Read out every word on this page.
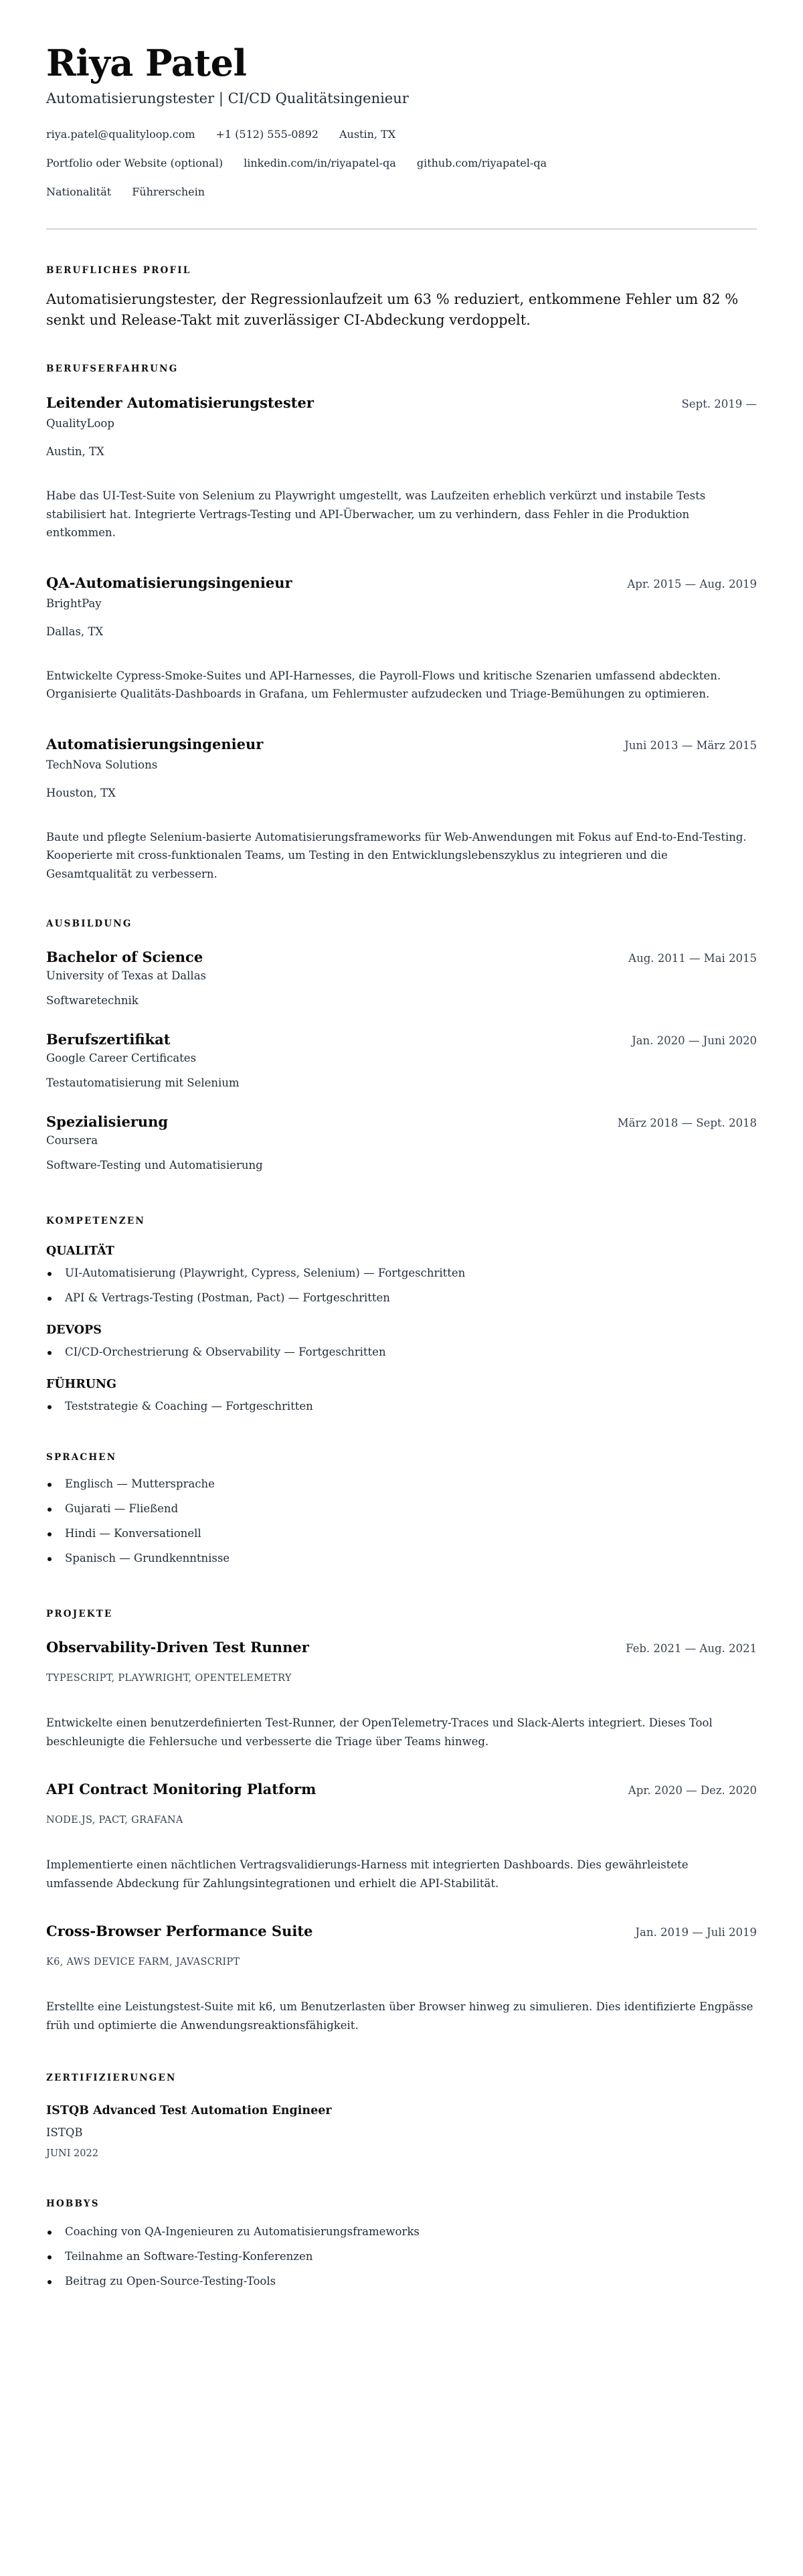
Riya Patel
Automatisierungstester | CI/CD Qualitätsingenieur
riya.patel@qualityloop.com +1 (512) 555-0892 Austin, TX
Portfolio oder Website (optional) linkedin.com/in/riyapatel-qa github.com/riyapatel-qa
Nationalität Führerschein
BERUFLICHES PROFIL

Automatisierungstester, der Regressionlaufzeit um 63 % reduziert, entkommene Fehler um 82 % senkt und Release-Takt mit zuverlässiger CI-Abdeckung verdoppelt.

BERUFSERFAHRUNG
Leitender Automatisierungstester	Sept. 2019 —
QualityLoop
Austin, TX

Habe das UI-Test-Suite von Selenium zu Playwright umgestellt, was Laufzeiten erheblich verkürzt und instabile Tests stabilisiert hat. Integrierte Vertrags-Testing und API-Überwacher, um zu verhindern, dass Fehler in die Produktion entkommen.

QA-Automatisierungsingenieur	Apr. 2015 — Aug. 2019
BrightPay
Dallas, TX

Entwickelte Cypress-Smoke-Suites und API-Harnesses, die Payroll-Flows und kritische Szenarien umfassend abdeckten. Organisierte Qualitäts-Dashboards in Grafana, um Fehlermuster aufzudecken und Triage-Bemühungen zu optimieren.

Automatisierungsingenieur	Juni 2013 — März 2015
TechNova Solutions
Houston, TX

Baute und pflegte Selenium-basierte Automatisierungsframeworks für Web-Anwendungen mit Fokus auf End-to-End-Testing. Kooperierte mit cross-funktionalen Teams, um Testing in den Entwicklungslebenszyklus zu integrieren und die Gesamtqualität zu verbessern.

AUSBILDUNG
Bachelor of Science	Aug. 2011 — Mai 2015
University of Texas at Dallas
Softwaretechnik
Berufszertifikat	Jan. 2020 — Juni 2020
Google Career Certificates
Testautomatisierung mit Selenium
Spezialisierung	März 2018 — Sept. 2018
Coursera
Software-Testing und Automatisierung
KOMPETENZEN
QUALITÄT
UI-Automatisierung (Playwright, Cypress, Selenium) — Fortgeschritten
API & Vertrags-Testing (Postman, Pact) — Fortgeschritten
DEVOPS
CI/CD-Orchestrierung & Observability — Fortgeschritten
FÜHRUNG
Teststrategie & Coaching — Fortgeschritten
SPRACHEN
Englisch — Muttersprache
Gujarati — Fließend
Hindi — Konversationell
Spanisch — Grundkenntnisse
PROJEKTE
Observability-Driven Test Runner	Feb. 2021 — Aug. 2021
TYPESCRIPT, PLAYWRIGHT, OPENTELEMETRY

Entwickelte einen benutzerdefinierten Test-Runner, der OpenTelemetry-Traces und Slack-Alerts integriert. Dieses Tool beschleunigte die Fehlersuche und verbesserte die Triage über Teams hinweg.

API Contract Monitoring Platform	Apr. 2020 — Dez. 2020
NODE.JS, PACT, GRAFANA

Implementierte einen nächtlichen Vertragsvalidierungs-Harness mit integrierten Dashboards. Dies gewährleistete umfassende Abdeckung für Zahlungsintegrationen und erhielt die API-Stabilität.

Cross-Browser Performance Suite	Jan. 2019 — Juli 2019
K6, AWS DEVICE FARM, JAVASCRIPT

Erstellte eine Leistungstest-Suite mit k6, um Benutzerlasten über Browser hinweg zu simulieren. Dies identifizierte Engpässe früh und optimierte die Anwendungsreaktionsfähigkeit.

ZERTIFIZIERUNGEN
ISTQB Advanced Test Automation Engineer
ISTQB
JUNI 2022
HOBBYS
Coaching von QA-Ingenieuren zu Automatisierungsframeworks
Teilnahme an Software-Testing-Konferenzen
Beitrag zu Open-Source-Testing-Tools
